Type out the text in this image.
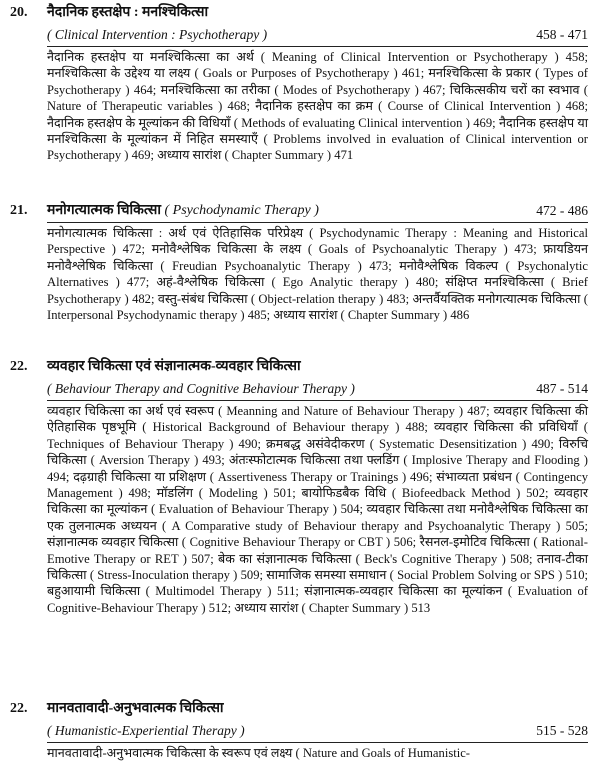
20. नैदानिक हस्तक्षेप : मनश्चिकित्सा
( Clinical Intervention : Psychotherapy )	458 - 471
नैदानिक हस्तक्षेप या मनश्चिकित्सा का अर्थ ( Meaning of Clinical Intervention or Psychotherapy ) 458; मनश्चिकित्सा के उद्देश्य या लक्ष्य ( Goals or Purposes of Psychotherapy ) 461; मनश्चिकित्सा के प्रकार ( Types of Psychotherapy ) 464; मनश्चिकित्सा का तरीका ( Modes of Psychotherapy ) 467; चिकित्सकीय चरों का स्वभाव ( Nature of Therapeutic variables ) 468; नैदानिक हस्तक्षेप का क्रम ( Course of Clinical Intervention ) 468; नैदानिक हस्तक्षेप के मूल्यांकन की विधियाँ ( Methods of evaluating Clinical intervention ) 469; नैदानिक हस्तक्षेप या मनश्चिकित्सा के मूल्यांकन में निहित समस्याएँ ( Problems involved in evaluation of Clinical intervention or Psychotherapy ) 469; अध्याय सारांश ( Chapter Summary ) 471
21. मनोगत्यात्मक चिकित्सा ( Psychodynamic Therapy )	472 - 486
मनोगत्यात्मक चिकित्सा : अर्थ एवं ऐतिहासिक परिप्रेक्ष्य ( Psychodynamic Therapy : Meaning and Historical Perspective ) 472; मनोवैश्लेषिक चिकित्सा के लक्ष्य ( Goals of Psychoanalytic Therapy ) 473; फ्रायडियन मनोवैश्लेषिक चिकित्सा ( Freudian Psychoanalytic Therapy ) 473; मनोवैश्लेषिक विकल्प ( Psychonalytic Alternatives ) 477; अहं-वैश्लेषिक चिकित्सा ( Ego Analytic therapy ) 480; संक्षिप्त मनश्चिकित्सा ( Brief Psychotherapy ) 482; वस्तु-संबंध चिकित्सा ( Object-relation therapy ) 483; अन्तर्वैयक्तिक मनोगत्यात्मक चिकित्सा ( Interpersonal Psychodynamic therapy ) 485; अध्याय सारांश ( Chapter Summary ) 486
22. व्यवहार चिकित्सा एवं संज्ञानात्मक-व्यवहार चिकित्सा
( Behaviour Therapy and Cognitive Behaviour Therapy )	487 - 514
व्यवहार चिकित्सा का अर्थ एवं स्वरूप ( Meanning and Nature of Behaviour Therapy ) 487; व्यवहार चिकित्सा की ऐतिहासिक पृष्ठभूमि ( Historical Background of Behaviour therapy ) 488; व्यवहार चिकित्सा की प्रविधियाँ ( Techniques of Behaviour Therapy ) 490; क्रमबद्ध असंवेदीकरण ( Systematic Desensitization ) 490; विरुचि चिकित्सा ( Aversion Therapy ) 493; अंतःस्फोटात्मक चिकित्सा तथा फ्लडिंग ( Implosive Therapy and Flooding ) 494; दढ़ग्राही चिकित्सा या प्रशिक्षण ( Assertiveness Therapy or Trainings ) 496; संभाव्यता प्रबंधन ( Contingency Management ) 498; मॉडलिंग ( Modeling ) 501; बायोफिडबैक विधि ( Biofeedback Method ) 502; व्यवहार चिकित्सा का मूल्यांकन ( Evaluation of Behaviour Therapy ) 504; व्यवहार चिकित्सा तथा मनोवैश्लेषिक चिकित्सा का एक तुलनात्मक अध्ययन ( A Comparative study of Behaviour therapy and Psychoanalytic Therapy ) 505; संज्ञानात्मक व्यवहार चिकित्सा ( Cognitive Behaviour Therapy or CBT ) 506; रैसनल-इमोटिव चिकित्सा ( Rational-Emotive Therapy or RET ) 507; बेक का संज्ञानात्मक चिकित्सा ( Beck's Cognitive Therapy ) 508; तनाव-टीका चिकित्सा ( Stress-Inoculation therapy ) 509; सामाजिक समस्या समाधान ( Social Problem Solving or SPS ) 510; बहुआयामी चिकित्सा ( Multimodel Therapy ) 511; संज्ञानात्मक-व्यवहार चिकित्सा का मूल्यांकन ( Evaluation of Cognitive-Behaviour Therapy ) 512; अध्याय सारांश ( Chapter Summary ) 513
22. मानवतावादी-अनुभवात्मक चिकित्सा
( Humanistic-Experiential Therapy )	515 - 528
मानवतावादी-अनुभवात्मक चिकित्सा के स्वरूप एवं लक्ष्य ( Nature and Goals of Humanistic-
